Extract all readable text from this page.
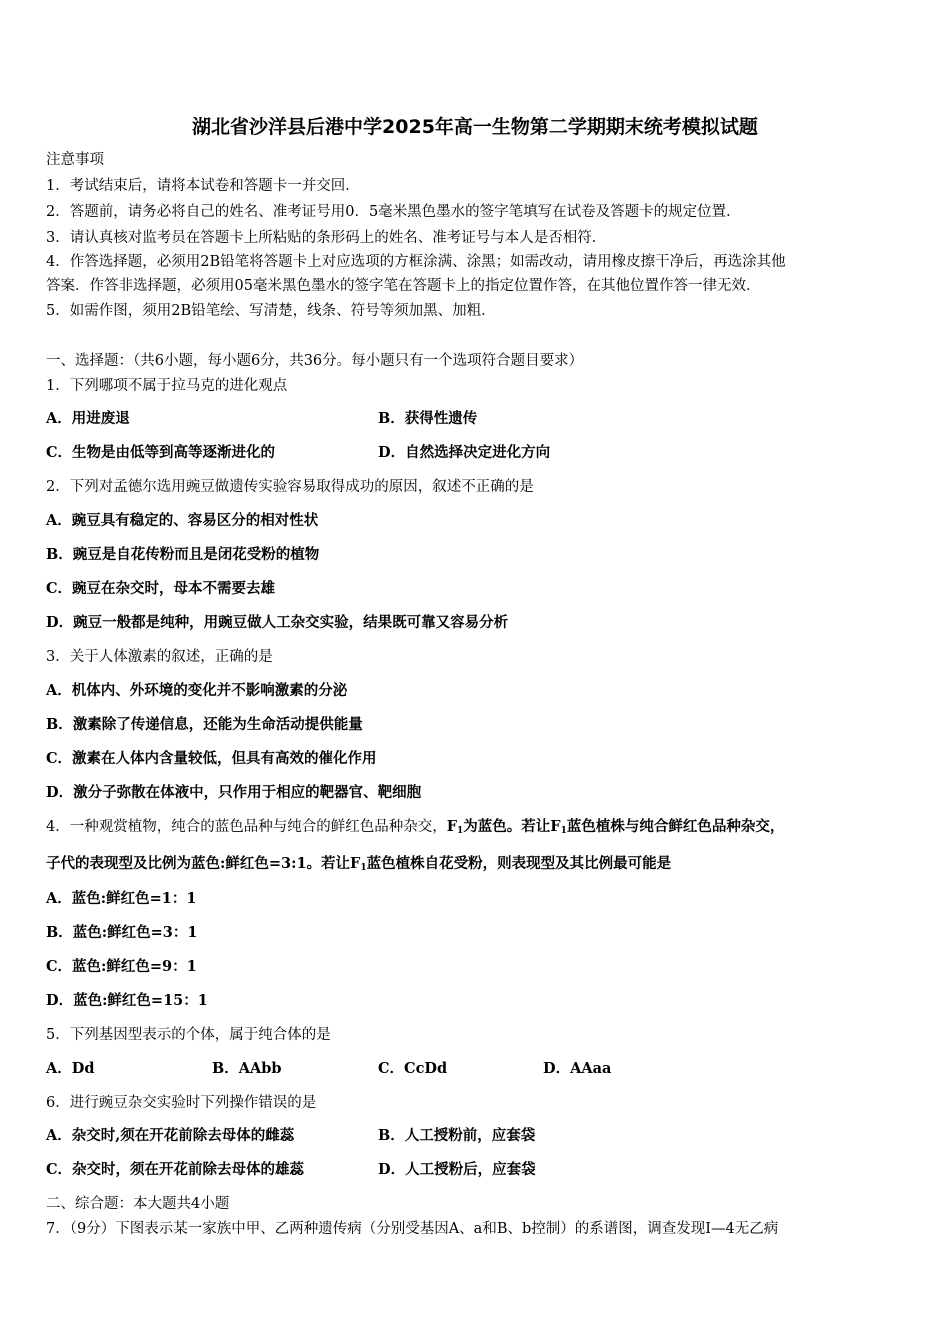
湖北省沙洋县后港中学2025年高一生物第二学期期末统考模拟试题
注意事项
1．考试结束后，请将本试卷和答题卡一并交回．
2．答题前，请务必将自己的姓名、准考证号用0．5毫米黑色墨水的签字笔填写在试卷及答题卡的规定位置．
3．请认真核对监考员在答题卡上所粘贴的条形码上的姓名、准考证号与本人是否相符．
4．作答选择题，必须用2B铅笔将答题卡上对应选项的方框涂满、涂黑；如需改动，请用橡皮擦干净后，再选涂其他
答案．作答非选择题，必须用05毫米黑色墨水的签字笔在答题卡上的指定位置作答，在其他位置作答一律无效．
5．如需作图，须用2B铅笔绘、写清楚，线条、符号等须加黑、加粗．
一、选择题：（共6小题，每小题6分，共36分。每小题只有一个选项符合题目要求）
1．下列哪项不属于拉马克的进化观点
A．用进废退	B．获得性遗传
C．生物是由低等到高等逐渐进化的	D．自然选择决定进化方向
2．下列对孟德尔选用豌豆做遗传实验容易取得成功的原因，叙述不正确的是
A．豌豆具有稳定的、容易区分的相对性状
B．豌豆是自花传粉而且是闭花受粉的植物
C．豌豆在杂交时，母本不需要去雄
D．豌豆一般都是纯种，用豌豆做人工杂交实验，结果既可靠又容易分析
3．关于人体激素的叙述，正确的是
A．机体内、外环境的变化并不影响激素的分泌
B．激素除了传递信息，还能为生命活动提供能量
C．激素在人体内含量较低，但具有高效的催化作用
D．激分子弥散在体液中，只作用于相应的靶器官、靶细胞
4．一种观赏植物，纯合的蓝色品种与纯合的鲜红色品种杂交，$F_1$为蓝色。若让$F_1$蓝色植株与纯合鲜红色品种杂交，
子代的表现型及比例为蓝色:鲜红色=3:1。若让$F_1$蓝色植株自花受粉，则表现型及其比例最可能是
A．蓝色:鲜红色=1：1
B．蓝色:鲜红色=3：1
C．蓝色:鲜红色=9：1
D．蓝色:鲜红色=15：1
5．下列基因型表示的个体，属于纯合体的是
A．Dd	B．AAbb	C．CcDd	D．AAaa
6．进行豌豆杂交实验时下列操作错误的是
A．杂交时,须在开花前除去母体的雌蕊	B．人工授粉前，应套袋
C．杂交时，须在开花前除去母体的雄蕊	D．人工授粉后，应套袋
二、综合题：本大题共4小题
7．（9分）下图表示某一家族中甲、乙两种遗传病（分别受基因A、a和B、b控制）的系谱图，调查发现Ⅰ—4无乙病
